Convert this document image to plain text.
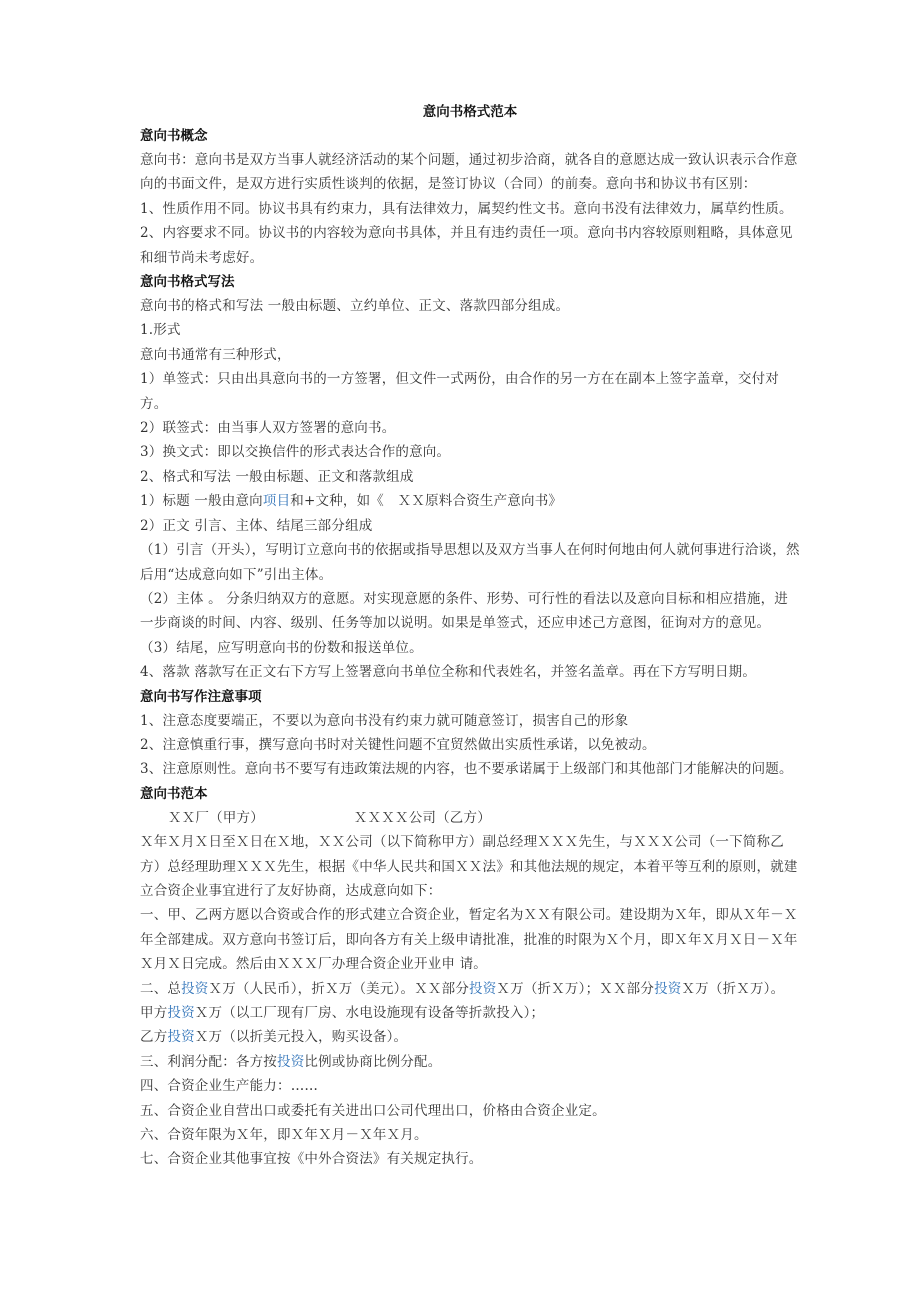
意向书格式范本
意向书概念
意向书：意向书是双方当事人就经济活动的某个问题，通过初步洽商，就各自的意愿达成一致认识表示合作意向的书面文件，是双方进行实质性谈判的依据，是签订协议（合同）的前奏。意向书和协议书有区别：
1、性质作用不同。协议书具有约束力，具有法律效力，属契约性文书。意向书没有法律效力，属草约性质。
2、内容要求不同。协议书的内容较为意向书具体，并且有违约责任一项。意向书内容较原则粗略，具体意见和细节尚未考虑好。
意向书格式写法
意向书的格式和写法 一般由标题、立约单位、正文、落款四部分组成。
1.形式
意向书通常有三种形式，
1）单签式：只由出具意向书的一方签署，但文件一式两份，由合作的另一方在在副本上签字盖章，交付对方。
2）联签式：由当事人双方签署的意向书。
3）换文式：即以交换信件的形式表达合作的意向。
2、格式和写法 一般由标题、正文和落款组成
1）标题 一般由意向项目和+文种，如《　ＸＸ原料合资生产意向书》
2）正文 引言、主体、结尾三部分组成
（1）引言（开头），写明订立意向书的依据或指导思想以及双方当事人在何时何地由何人就何事进行洽谈，然后用“达成意向如下”引出主体。
（2）主体 。 分条归纳双方的意愿。对实现意愿的条件、形势、可行性的看法以及意向目标和相应措施，进一步商谈的时间、内容、级别、任务等加以说明。如果是单签式，还应申述己方意图，征询对方的意见。
（3）结尾，应写明意向书的份数和报送单位。
4、落款 落款写在正文右下方写上签署意向书单位全称和代表姓名，并签名盖章。再在下方写明日期。
意向书写作注意事项
1、注意态度要端正，不要以为意向书没有约束力就可随意签订，损害自己的形象
2、注意慎重行事，撰写意向书时对关键性问题不宜贸然做出实质性承诺，以免被动。
3、注意原则性。意向书不要写有违政策法规的内容，也不要承诺属于上级部门和其他部门才能解决的问题。
意向书范本
ＸＸ厂（甲方）	ＸＸＸＸ公司（乙方）
Ｘ年Ｘ月Ｘ日至Ｘ日在Ｘ地，ＸＸ公司（以下简称甲方）副总经理ＸＸＸ先生，与ＸＸＸ公司（一下简称乙方）总经理助理ＸＸＸ先生，根据《中华人民共和国ＸＸ法》和其他法规的规定，本着平等互利的原则，就建立合资企业事宜进行了友好协商，达成意向如下：
一、甲、乙两方愿以合资或合作的形式建立合资企业，暂定名为ＸＸ有限公司。建设期为Ｘ年，即从Ｘ年－Ｘ年全部建成。双方意向书签订后，即向各方有关上级申请批准，批准的时限为Ｘ个月，即Ｘ年Ｘ月Ｘ日－Ｘ年Ｘ月Ｘ日完成。然后由ＸＸＸ厂办理合资企业开业申 请。
二、总投资Ｘ万（人民币），折Ｘ万（美元）。ＸＸ部分投资Ｘ万（折Ｘ万）；ＸＸ部分投资Ｘ万（折Ｘ万）。
甲方投资Ｘ万（以工厂现有厂房、水电设施现有设备等折款投入）；
乙方投资Ｘ万（以折美元投入，购买设备）。
三、利润分配：各方按投资比例或协商比例分配。
四、合资企业生产能力：……
五、合资企业自营出口或委托有关进出口公司代理出口，价格由合资企业定。
六、合资年限为Ｘ年，即Ｘ年Ｘ月－Ｘ年Ｘ月。
七、合资企业其他事宜按《中外合资法》有关规定执行。
